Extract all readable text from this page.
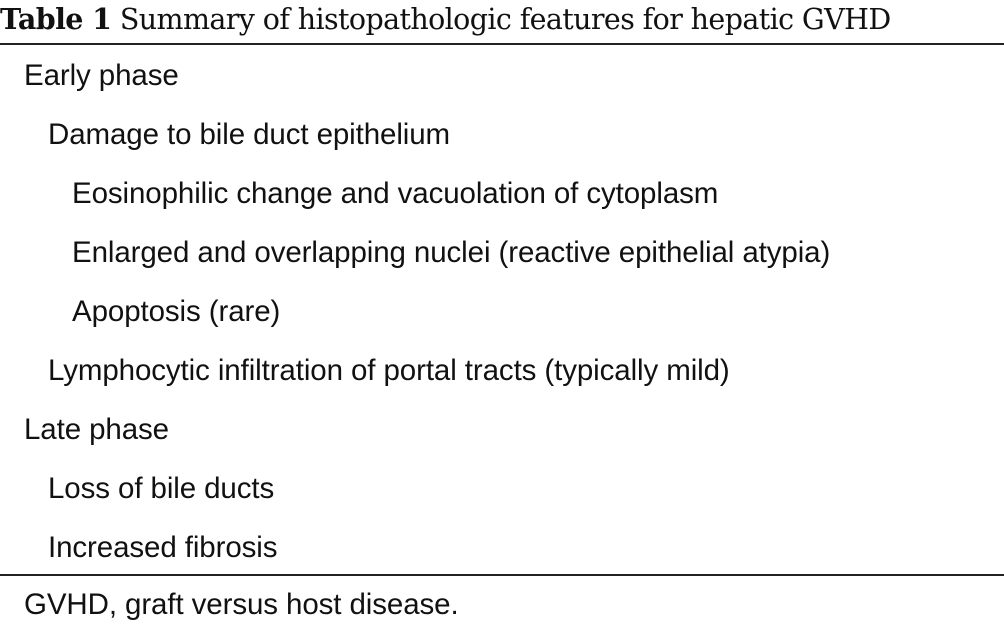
Table 1 Summary of histopathologic features for hepatic GVHD
Early phase
Damage to bile duct epithelium
Eosinophilic change and vacuolation of cytoplasm
Enlarged and overlapping nuclei (reactive epithelial atypia)
Apoptosis (rare)
Lymphocytic infiltration of portal tracts (typically mild)
Late phase
Loss of bile ducts
Increased fibrosis
GVHD, graft versus host disease.
